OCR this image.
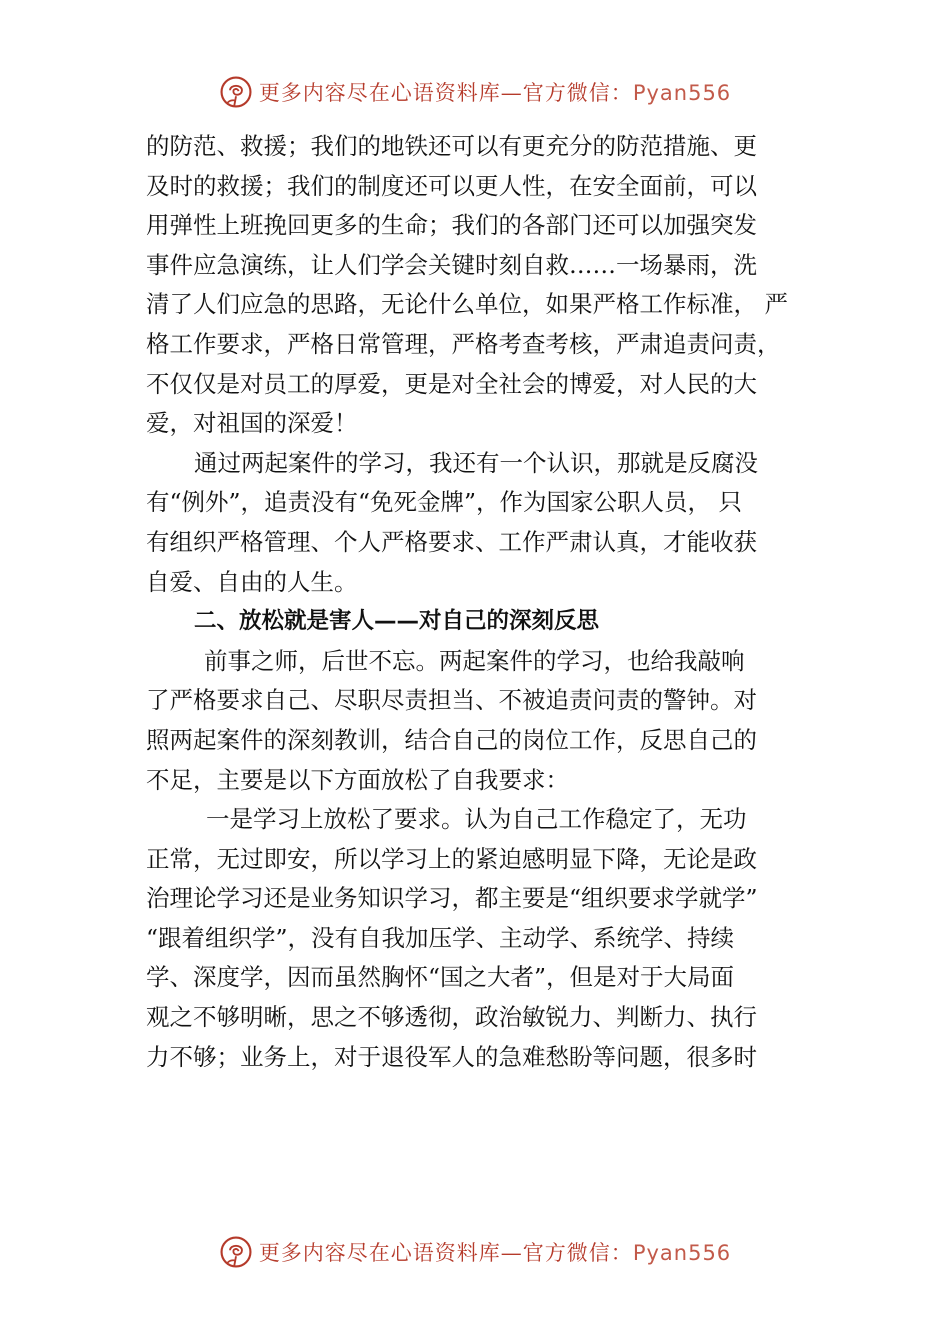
更多内容尽在心语资料库—官方微信：Pyan556
的防范、救援；我们的地铁还可以有更充分的防范措施、更
及时的救援；我们的制度还可以更人性，在安全面前，可以
用弹性上班挽回更多的生命；我们的各部门还可以加强突发
事件应急演练，让人们学会关键时刻自救……一场暴雨，洗
清了人们应急的思路，无论什么单位，如果严格工作标准， 严
格工作要求，严格日常管理，严格考查考核，严肃追责问责，
不仅仅是对员工的厚爱，更是对全社会的博爱，对人民的大
爱，对祖国的深爱！
通过两起案件的学习，我还有一个认识，那就是反腐没
有“例外”，追责没有“免死金牌”，作为国家公职人员， 只
有组织严格管理、个人严格要求、工作严肃认真，才能收获
自爱、自由的人生。
二、放松就是害人——对自己的深刻反思
前事之师，后世不忘。两起案件的学习，也给我敲响
了严格要求自己、尽职尽责担当、不被追责问责的警钟。对
照两起案件的深刻教训，结合自己的岗位工作，反思自己的
不足，主要是以下方面放松了自我要求：
一是学习上放松了要求。认为自己工作稳定了，无功
正常，无过即安，所以学习上的紧迫感明显下降，无论是政
治理论学习还是业务知识学习，都主要是“组织要求学就学”
“跟着组织学”，没有自我加压学、主动学、系统学、持续
学、深度学，因而虽然胸怀“国之大者”，但是对于大局面
观之不够明晰，思之不够透彻，政治敏锐力、判断力、执行
力不够；业务上，对于退役军人的急难愁盼等问题，很多时
更多内容尽在心语资料库—官方微信：Pyan556
